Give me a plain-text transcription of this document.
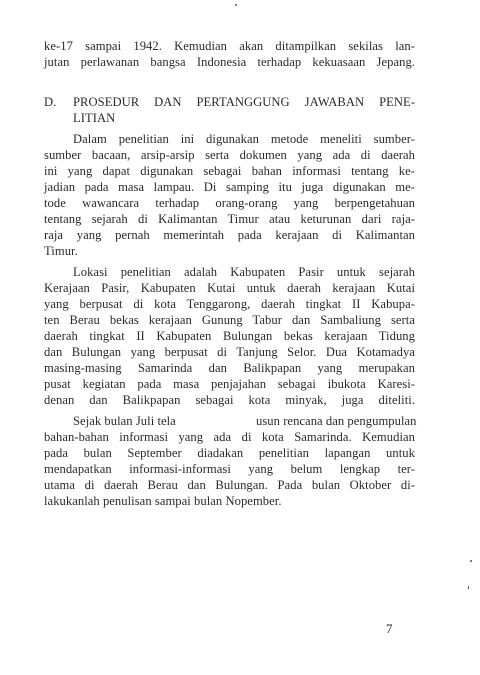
ke-17 sampai 1942. Kemudian akan ditampilkan sekilas lan-
jutan perlawanan bangsa Indonesia terhadap kekuasaan Jepang.
D. PROSEDUR DAN PERTANGGUNG JAWABAN PENE-
LITIAN
Dalam penelitian ini digunakan metode meneliti sumber-
sumber bacaan, arsip-arsip serta dokumen yang ada di daerah
ini yang dapat digunakan sebagai bahan informasi tentang ke-
jadian pada masa lampau. Di samping itu juga digunakan me-
tode wawancara terhadap orang-orang yang berpengetahuan
tentang sejarah di Kalimantan Timur atau keturunan dari raja-
raja yang pernah memerintah pada kerajaan di Kalimantan
Timur.
Lokasi penelitian adalah Kabupaten Pasir untuk sejarah
Kerajaan Pasir, Kabupaten Kutai untuk daerah kerajaan Kutai
yang berpusat di kota Tenggarong, daerah tingkat II Kabupa-
ten Berau bekas kerajaan Gunung Tabur dan Sambaliung serta
daerah tingkat II Kabupaten Bulungan bekas kerajaan Tidung
dan Bulungan yang berpusat di Tanjung Selor. Dua Kotamadya
masing-masing Samarinda dan Balikpapan yang merupakan
pusat kegiatan pada masa penjajahan sebagai ibukota Karesi-
denan dan Balikpapan sebagai kota minyak, juga diteliti.
Sejak bulan Juli tela	usun rencana dan pengumpulan
bahan-bahan informasi yang ada di kota Samarinda. Kemudian
pada bulan September diadakan penelitian lapangan untuk
mendapatkan informasi-informasi yang belum lengkap ter-
utama di daerah Berau dan Bulungan. Pada bulan Oktober di-
lakukanlah penulisan sampai bulan Nopember.
7
